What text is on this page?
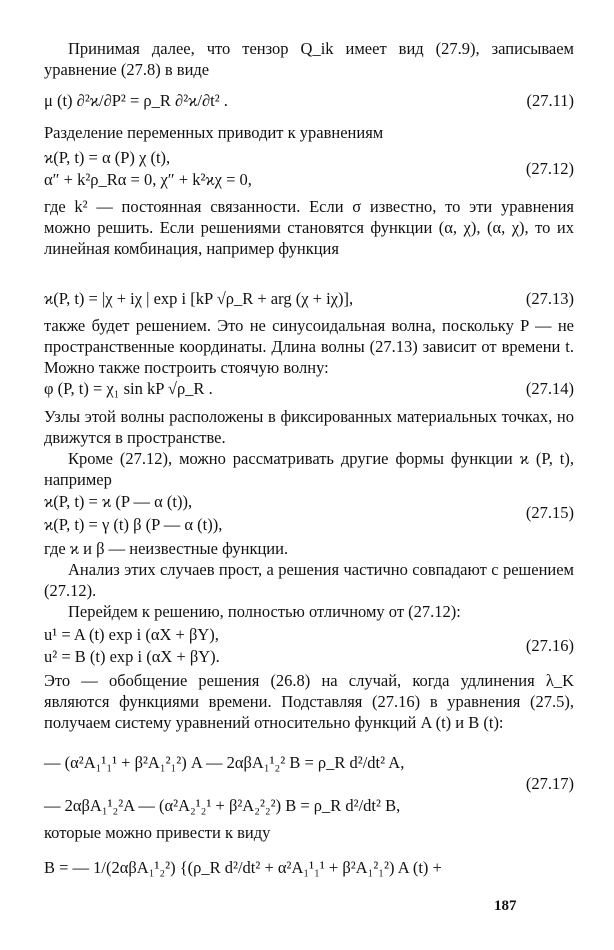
Принимая далее, что тензор Q_ik имеет вид (27.9), записываем уравнение (27.8) в виде
μ (t) ∂²ϰ/∂P² = ρ_R ∂²ϰ/∂t² .	(27.11)
Разделение переменных приводит к уравнениям
ϰ(P, t) = α (P) χ (t),
α″ + k²ρ_Rα = 0, χ″ + k²ϰχ = 0,
(27.12)
где k² — постоянная связанности. Если σ известно, то эти уравнения можно решить. Если решениями становятся функции (α, χ), (α, χ), то их линейная комбинация, например функция
ϰ(P, t) = |χ + iχ | exp i [kP √ρ_R + arg (χ + iχ)],	(27.13)
также будет решением. Это не синусоидальная волна, поскольку P — не пространственные координаты. Длина волны (27.13) зависит от времени t. Можно также построить стоячую волну:
φ (P, t) = χ₁ sin kP √ρ_R .	(27.14)
Узлы этой волны расположены в фиксированных материальных точках, но движутся в пространстве.
Кроме (27.12), можно рассматривать другие формы функции ϰ (P, t), например
ϰ(P, t) = ϰ (P — α (t)),
ϰ(P, t) = γ (t) β (P — α (t)),
(27.15)
где ϰ и β — неизвестные функции.
Анализ этих случаев прост, а решения частично совпадают с решением (27.12).
Перейдем к решению, полностью отличному от (27.12):
u¹ = A (t) exp i (αX + βY),
u² = B (t) exp i (αX + βY).
(27.16)
Это — обобщение решения (26.8) на случай, когда удлинения λ_K являются функциями времени. Подставляя (27.16) в уравнения (27.5), получаем систему уравнений относительно функций A (t) и B (t):
— (α²A₁¹₁¹ + β²A₁²₁²) A — 2αβA₁¹₂² B = ρ_R d²/dt² A,
— 2αβA₁¹₂²A — (α²A₂¹₂¹ + β²A₂²₂²) B = ρ_R d²/dt² B,
(27.17)
которые можно привести к виду
B = — 1/(2αβA₁¹₂²) {(ρ_R d²/dt² + α²A₁¹₁¹ + β²A₁²₁²) A (t) +
187
